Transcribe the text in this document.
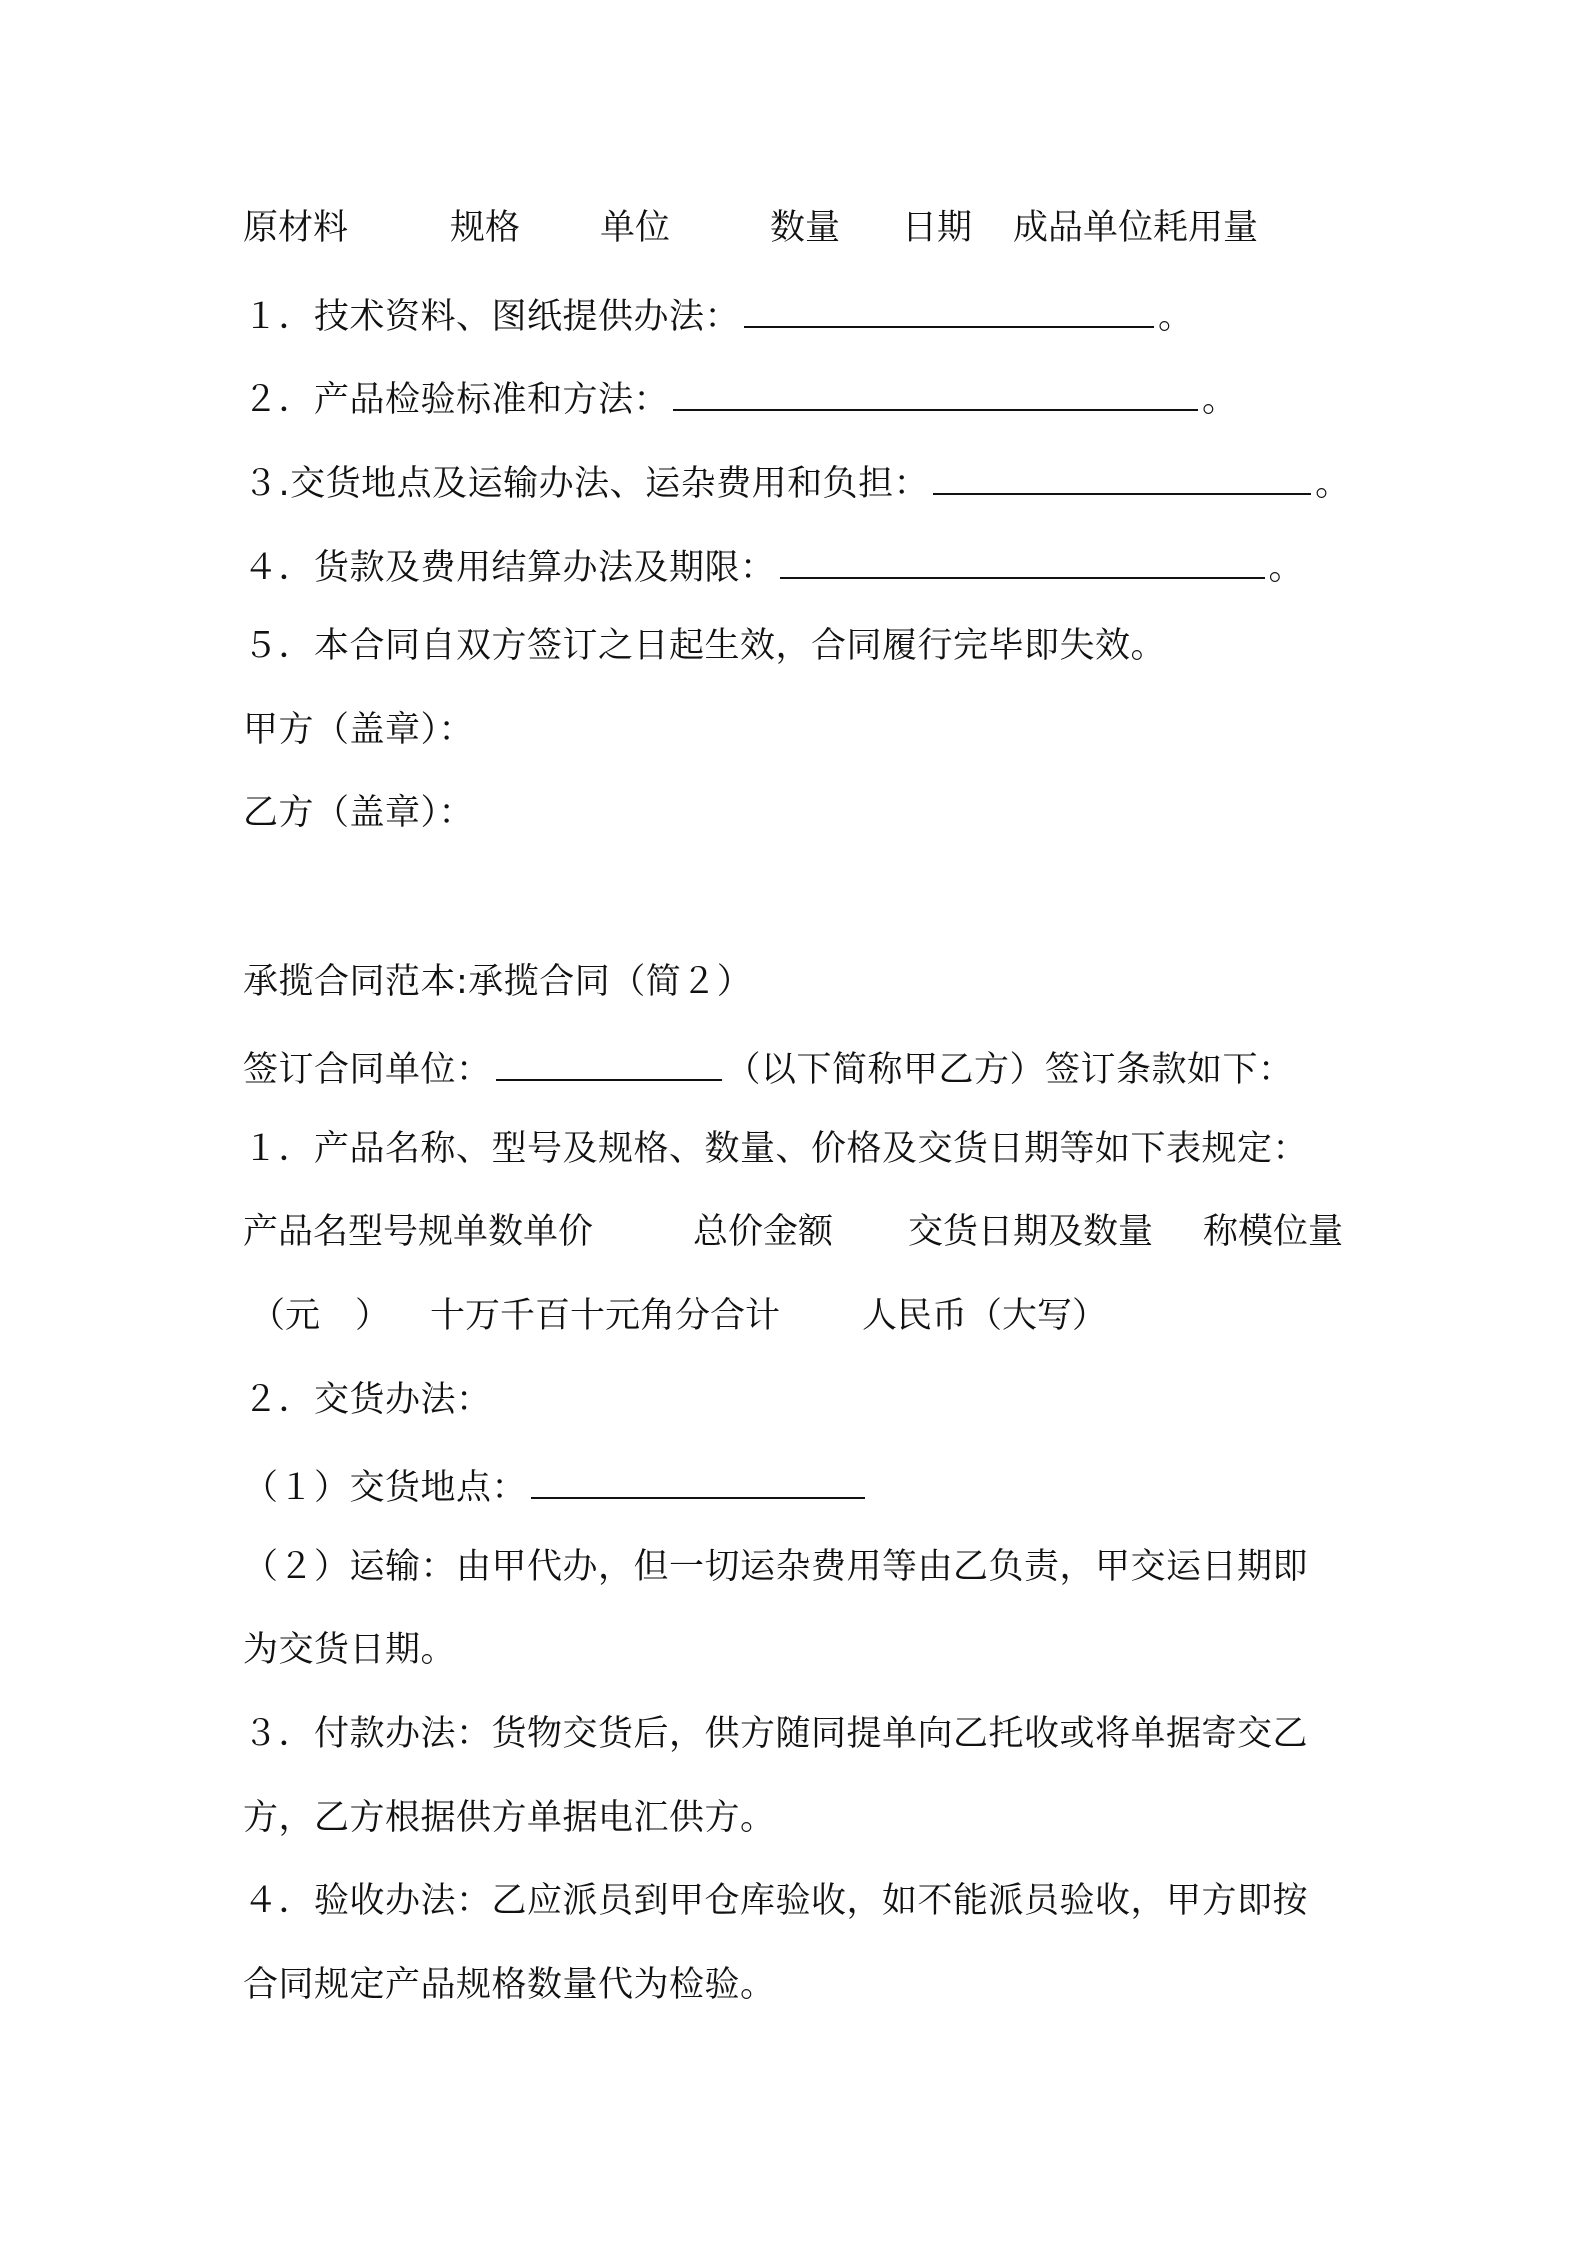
原材料	规格 单位	数量 日期 成品单位耗用量
１．技术资料、图纸提供办法：	。
２．产品检验标准和方法：	。
３.交货地点及运输办法、运杂费用和负担：	。
４．货款及费用结算办法及期限：	。
５．本合同自双方签订之日起生效，合同履行完毕即失效。
甲方（盖章）：
乙方（盖章）：
承揽合同范本:承揽合同（简２）
签订合同单位：	（以下简称甲乙方）签订条款如下：
１．产品名称、型号及规格、数量、价格及交货日期等如下表规定：
产品名型号规单数单价	总价金额 交货日期及数量 称模位量
（元　） 十万千百十元角分合计 人民币（大写）
２．交货办法：
（１）交货地点：
（２）运输：由甲代办，但一切运杂费用等由乙负责，甲交运日期即
为交货日期。
３．付款办法：货物交货后，供方随同提单向乙托收或将单据寄交乙
方，乙方根据供方单据电汇供方。
４．验收办法：乙应派员到甲仓库验收，如不能派员验收，甲方即按
合同规定产品规格数量代为检验。
